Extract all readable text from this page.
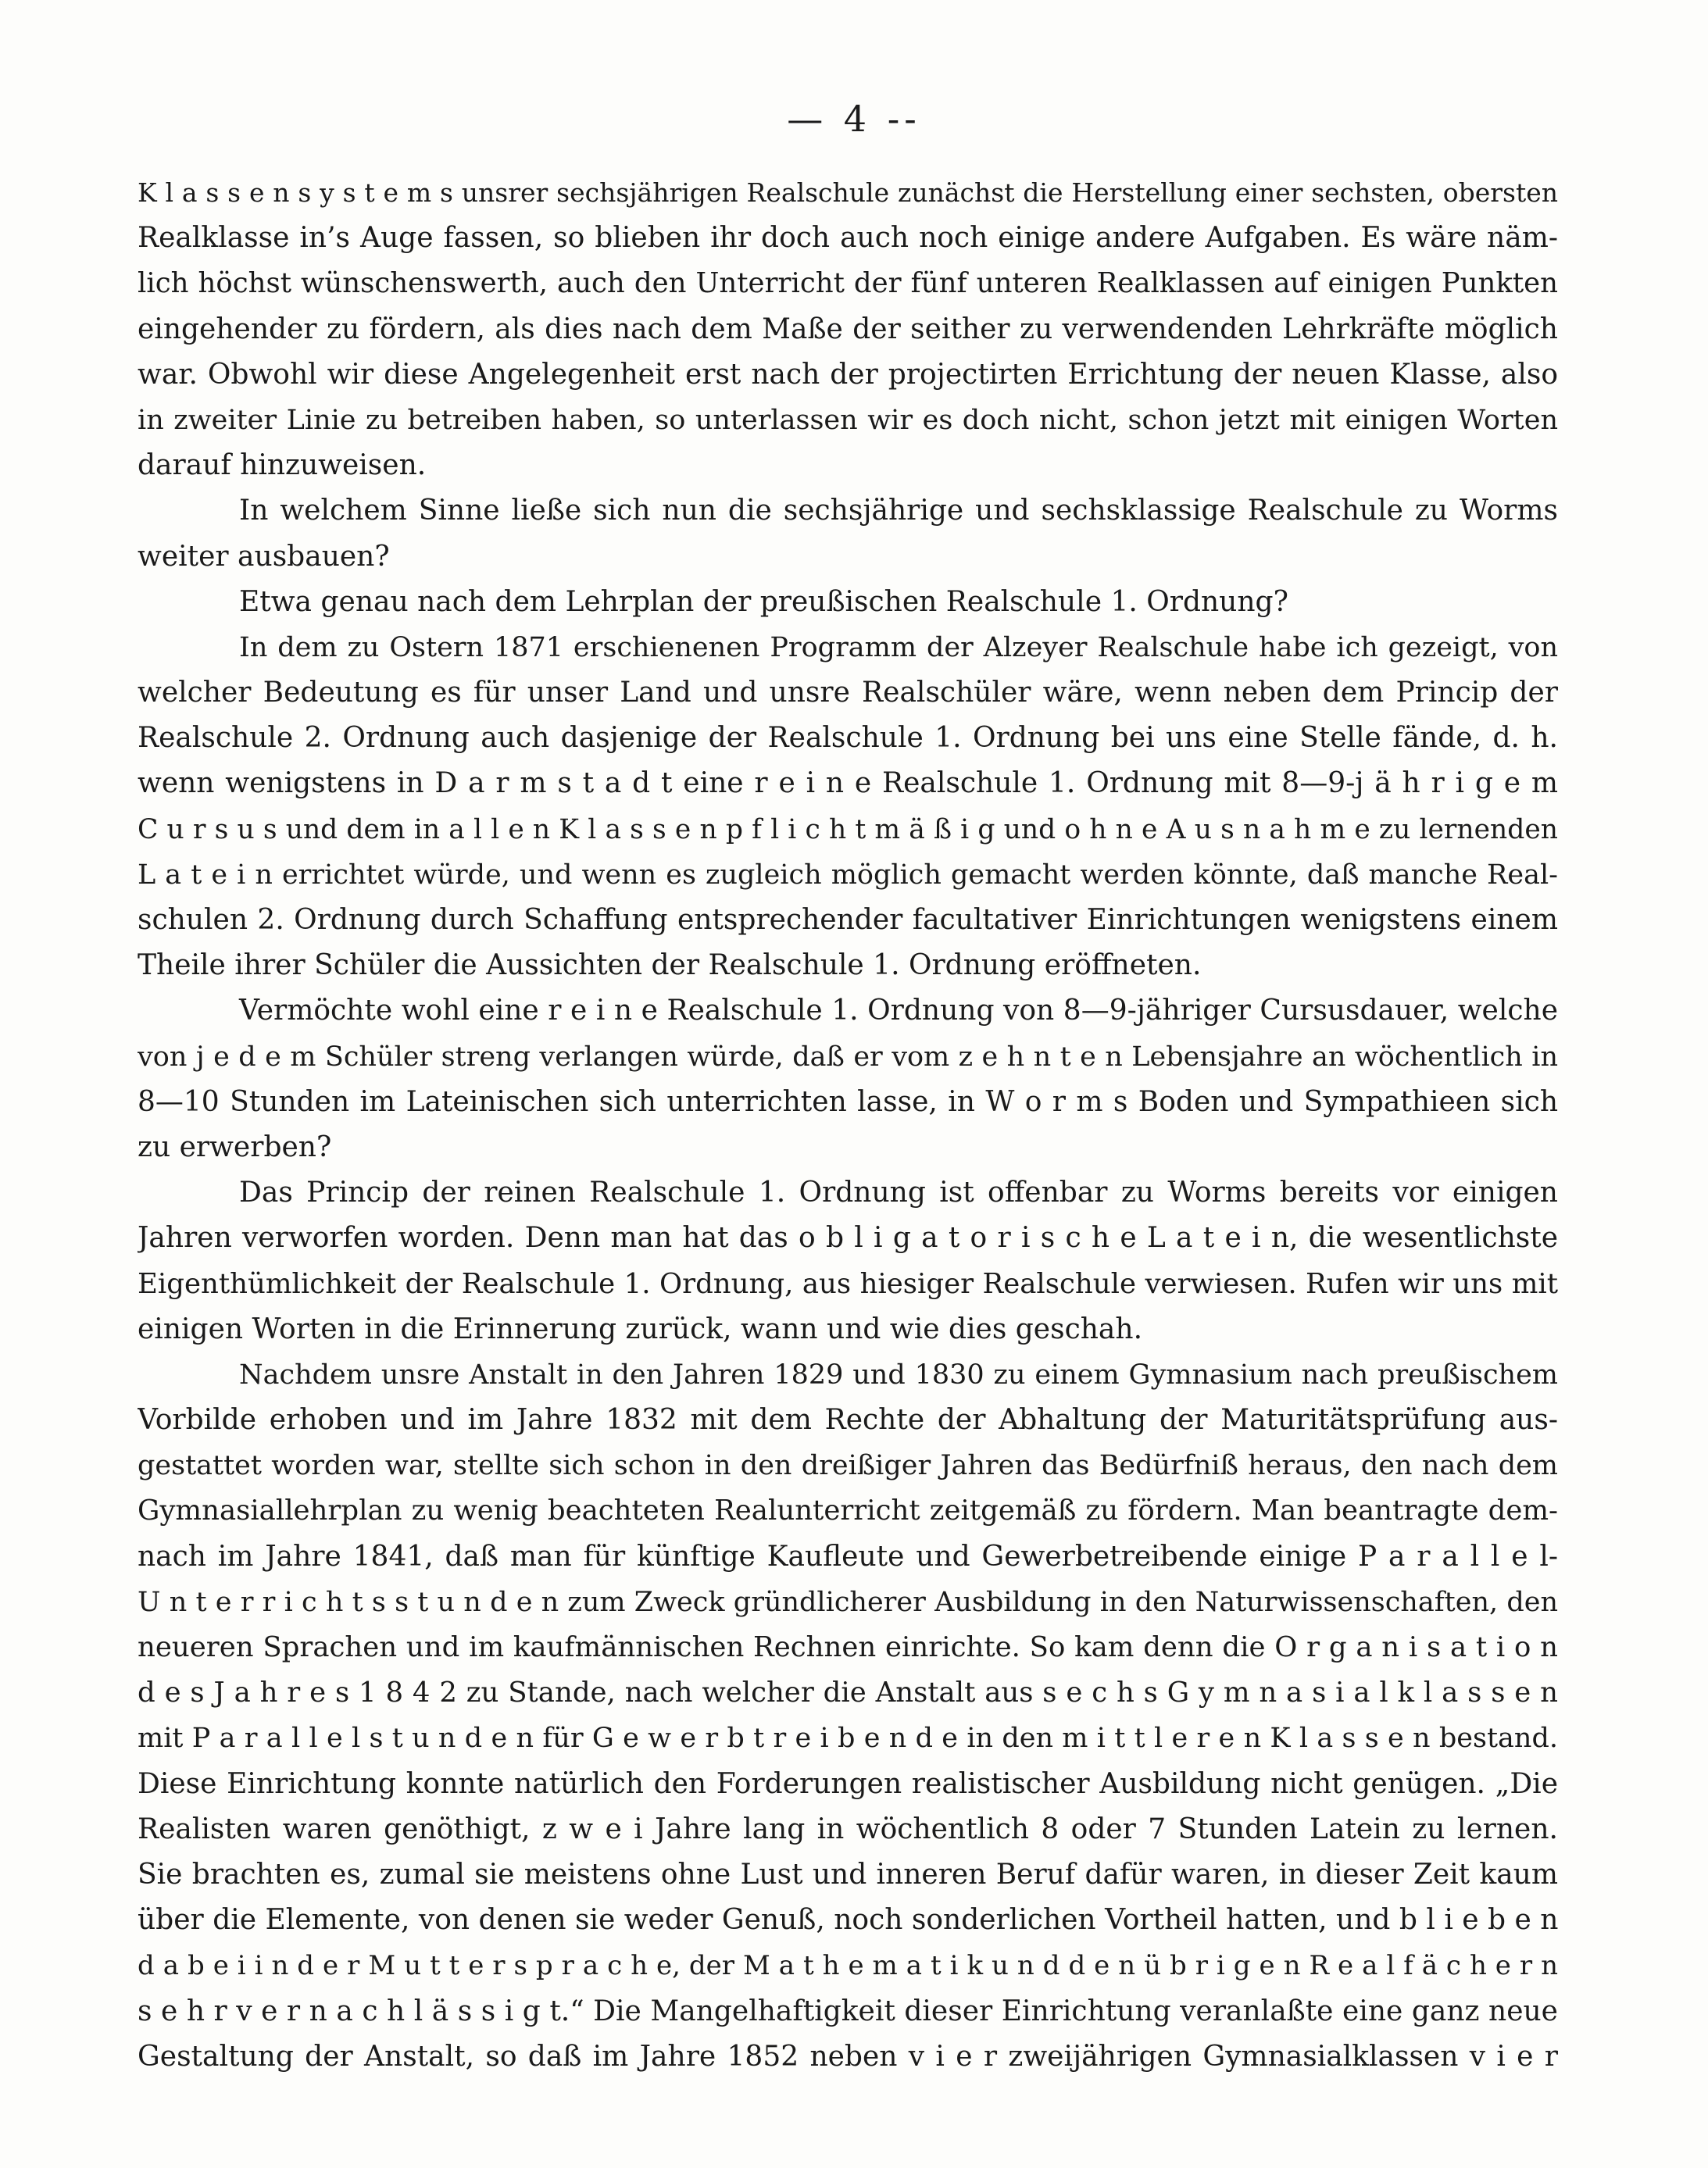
— 4 --
K l a s s e n s y s t e m s unsrer sechsjährigen Realschule zunächst die Herstellung einer sechsten, obersten
Realklasse in’s Auge fassen, so blieben ihr doch auch noch einige andere Aufgaben. Es wäre näm-
lich höchst wünschenswerth, auch den Unterricht der fünf unteren Realklassen auf einigen Punkten
eingehender zu fördern, als dies nach dem Maße der seither zu verwendenden Lehrkräfte möglich
war. Obwohl wir diese Angelegenheit erst nach der projectirten Errichtung der neuen Klasse, also
in zweiter Linie zu betreiben haben, so unterlassen wir es doch nicht, schon jetzt mit einigen Worten
darauf hinzuweisen.
In welchem Sinne ließe sich nun die sechsjährige und sechsklassige Realschule zu Worms
weiter ausbauen?
Etwa genau nach dem Lehrplan der preußischen Realschule 1. Ordnung?
In dem zu Ostern 1871 erschienenen Programm der Alzeyer Realschule habe ich gezeigt, von
welcher Bedeutung es für unser Land und unsre Realschüler wäre, wenn neben dem Princip der
Realschule 2. Ordnung auch dasjenige der Realschule 1. Ordnung bei uns eine Stelle fände, d. h.
wenn wenigstens in D a r m s t a d t eine r e i n e Realschule 1. Ordnung mit 8—9-j ä h r i g e m
C u r s u s und dem in a l l e n K l a s s e n p f l i c h t m ä ß i g und o h n e A u s n a h m e zu lernenden
L a t e i n errichtet würde, und wenn es zugleich möglich gemacht werden könnte, daß manche Real-
schulen 2. Ordnung durch Schaffung entsprechender facultativer Einrichtungen wenigstens einem
Theile ihrer Schüler die Aussichten der Realschule 1. Ordnung eröffneten.
Vermöchte wohl eine r e i n e Realschule 1. Ordnung von 8—9-jähriger Cursusdauer, welche
von j e d e m Schüler streng verlangen würde, daß er vom z e h n t e n Lebensjahre an wöchentlich in
8—10 Stunden im Lateinischen sich unterrichten lasse, in W o r m s Boden und Sympathieen sich
zu erwerben?
Das Princip der reinen Realschule 1. Ordnung ist offenbar zu Worms bereits vor einigen
Jahren verworfen worden. Denn man hat das o b l i g a t o r i s c h e L a t e i n, die wesentlichste
Eigenthümlichkeit der Realschule 1. Ordnung, aus hiesiger Realschule verwiesen. Rufen wir uns mit
einigen Worten in die Erinnerung zurück, wann und wie dies geschah.
Nachdem unsre Anstalt in den Jahren 1829 und 1830 zu einem Gymnasium nach preußischem
Vorbilde erhoben und im Jahre 1832 mit dem Rechte der Abhaltung der Maturitätsprüfung aus-
gestattet worden war, stellte sich schon in den dreißiger Jahren das Bedürfniß heraus, den nach dem
Gymnasiallehrplan zu wenig beachteten Realunterricht zeitgemäß zu fördern. Man beantragte dem-
nach im Jahre 1841, daß man für künftige Kaufleute und Gewerbetreibende einige P a r a l l e l-
U n t e r r i c h t s s t u n d e n zum Zweck gründlicherer Ausbildung in den Naturwissenschaften, den
neueren Sprachen und im kaufmännischen Rechnen einrichte. So kam denn die O r g a n i s a t i o n
d e s J a h r e s 1 8 4 2 zu Stande, nach welcher die Anstalt aus s e c h s G y m n a s i a l k l a s s e n
mit P a r a l l e l s t u n d e n für G e w e r b t r e i b e n d e in den m i t t l e r e n K l a s s e n bestand.
Diese Einrichtung konnte natürlich den Forderungen realistischer Ausbildung nicht genügen. „Die
Realisten waren genöthigt, z w e i Jahre lang in wöchentlich 8 oder 7 Stunden Latein zu lernen.
Sie brachten es, zumal sie meistens ohne Lust und inneren Beruf dafür waren, in dieser Zeit kaum
über die Elemente, von denen sie weder Genuß, noch sonderlichen Vortheil hatten, und b l i e b e n
d a b e i i n d e r M u t t e r s p r a c h e, der M a t h e m a t i k u n d d e n ü b r i g e n R e a l f ä c h e r n
s e h r v e r n a c h l ä s s i g t.“ Die Mangelhaftigkeit dieser Einrichtung veranlaßte eine ganz neue
Gestaltung der Anstalt, so daß im Jahre 1852 neben v i e r zweijährigen Gymnasialklassen v i e r
